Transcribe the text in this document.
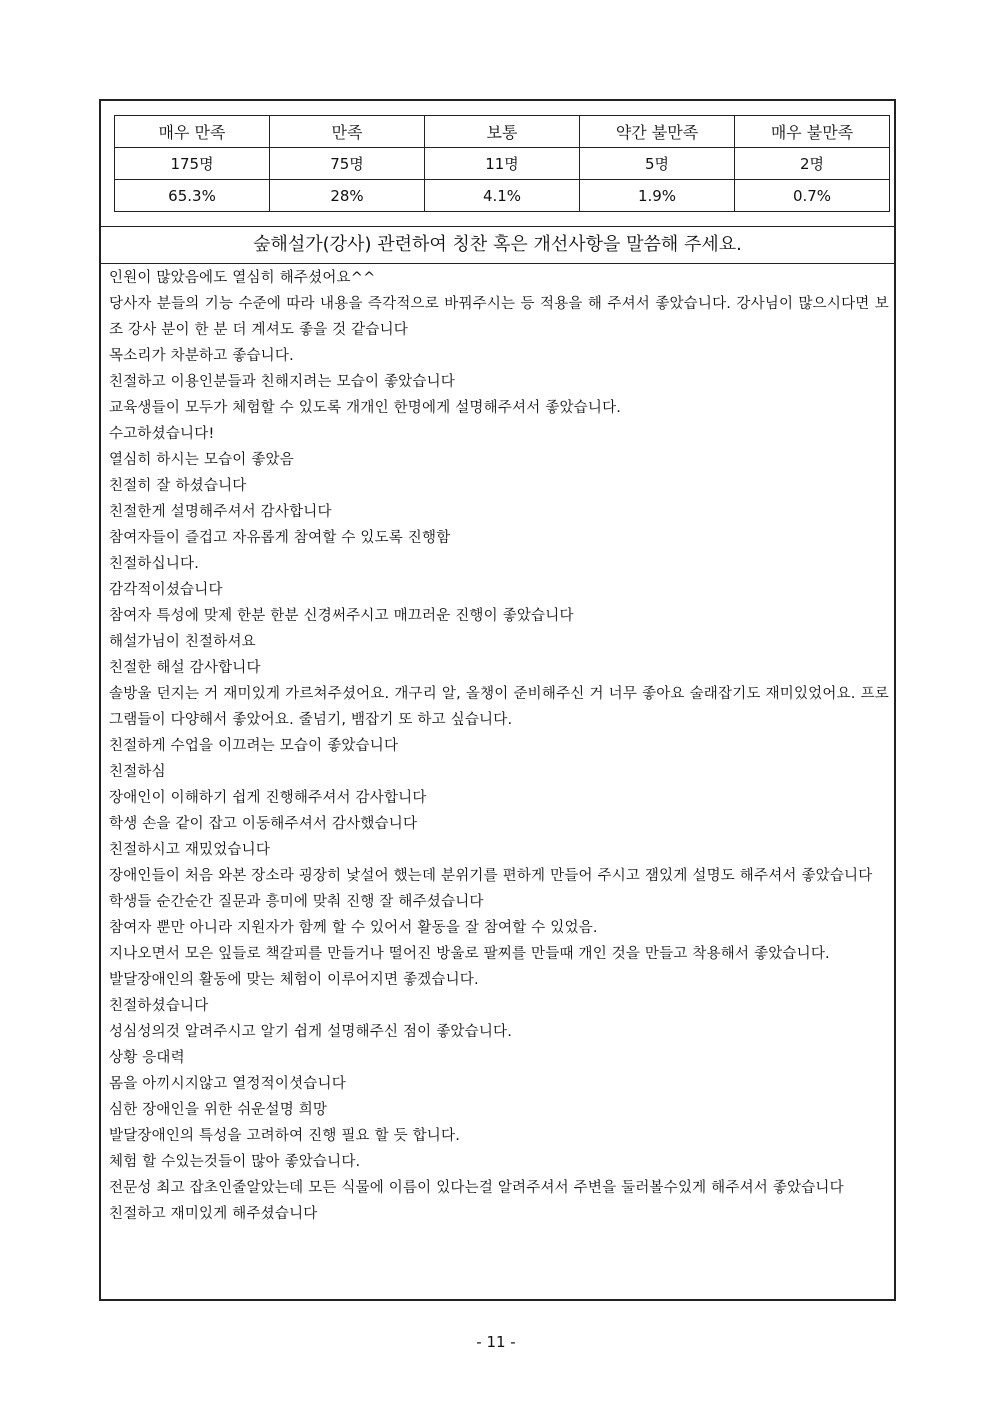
매우 만족	만족	보통	약간 불만족	매우 불만족
175명	75명	11명	5명	2명
65.3%	28%	4.1%	1.9%	0.7%
숲해설가(강사) 관련하여 칭찬 혹은 개선사항을 말씀해 주세요.
인원이 많았음에도 열심히 해주셨어요^^
당사자 분들의 기능 수준에 따라 내용을 즉각적으로 바꿔주시는 등 적용을 해 주셔서 좋았습니다. 강사님이 많으시다면 보조 강사 분이 한 분 더 계셔도 좋을 것 같습니다
목소리가 차분하고 좋습니다.
친절하고 이용인분들과 친해지려는 모습이 좋았습니다
교육생들이 모두가 체험할 수 있도록 개개인 한명에게 설명해주셔서 좋았습니다.
수고하셨습니다!
열심히 하시는 모습이 좋았음
친절히 잘 하셨습니다
친절한게 설명해주셔서 감사합니다
참여자들이 즐겁고 자유롭게 참여할 수 있도록 진행함
친절하십니다.
감각적이셨습니다
참여자 특성에 맞제 한분 한분 신경써주시고 매끄러운 진행이 좋았습니다
해설가님이 친절하셔요
친절한 해설 감사합니다
솔방울 던지는 거 재미있게 가르쳐주셨어요. 개구리 알, 올챙이 준비해주신 거 너무 좋아요 술래잡기도 재미있었어요. 프로그램들이 다양해서 좋았어요. 줄넘기, 뱀잡기 또 하고 싶습니다.
친절하게 수업을 이끄려는 모습이 좋았습니다
친절하심
장애인이 이해하기 쉽게 진행해주셔서 감사합니다
학생 손을 같이 잡고 이동해주셔서 감사했습니다
친절하시고 재밌었습니다
장애인들이 처음 와본 장소라 굉장히 낯설어 했는데 분위기를 편하게 만들어 주시고 잼있게 설명도 해주셔서 좋았습니다
학생들 순간순간 질문과 흥미에 맞춰 진행 잘 해주셨습니다
참여자 뿐만 아니라 지원자가 함께 할 수 있어서 활동을 잘 참여할 수 있었음.
지나오면서 모은 잎들로 책갈피를 만들거나 떨어진 방울로 팔찌를 만들때 개인 것을 만들고 착용해서 좋았습니다.
발달장애인의 활동에 맞는 체험이 이루어지면 좋겠습니다.
친절하셨습니다
성심성의것 알려주시고 알기 쉽게 설명해주신 점이 좋았습니다.
상황 응대력
몸을 아끼시지않고 열정적이셧습니다
심한 장애인을 위한 쉬운설명 희망
발달장애인의 특성을 고려하여 진행 필요 할 듯 합니다.
체험 할 수있는것들이 많아 좋았습니다.
전문성 최고 잡초인줄알았는데 모든 식물에 이름이 있다는걸 알려주셔서 주변을 둘러볼수있게 해주셔서 좋았습니다
친절하고 재미있게 해주셨습니다
- 11 -
